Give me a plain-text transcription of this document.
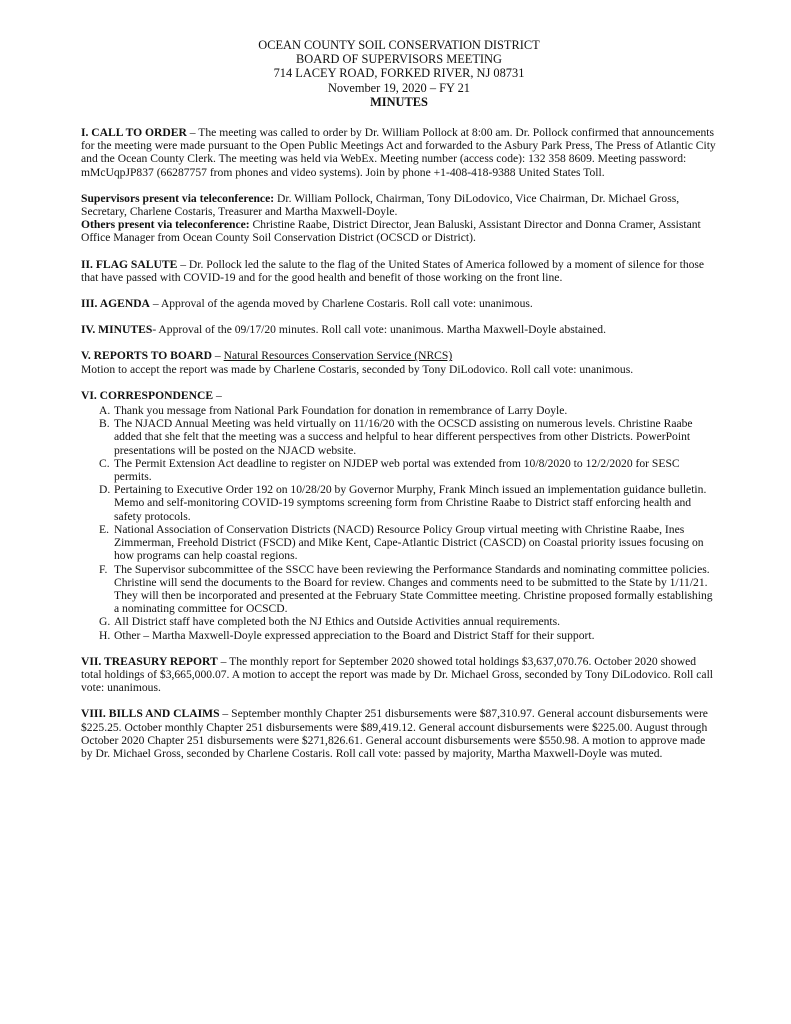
OCEAN COUNTY SOIL CONSERVATION DISTRICT
BOARD OF SUPERVISORS MEETING
714 LACEY ROAD, FORKED RIVER, NJ 08731
November 19, 2020 – FY 21
MINUTES

I. CALL TO ORDER – The meeting was called to order by Dr. William Pollock at 8:00 am. Dr. Pollock confirmed that announcements for the meeting were made pursuant to the Open Public Meetings Act and forwarded to the Asbury Park Press, The Press of Atlantic City and the Ocean County Clerk. The meeting was held via WebEx. Meeting number (access code): 132 358 8609. Meeting password: mMcUqpJP837 (66287757 from phones and video systems). Join by phone +1-408-418-9388 United States Toll.

Supervisors present via teleconference: Dr. William Pollock, Chairman, Tony DiLodovico, Vice Chairman, Dr. Michael Gross, Secretary, Charlene Costaris, Treasurer and Martha Maxwell-Doyle.

Others present via teleconference: Christine Raabe, District Director, Jean Baluski, Assistant Director and Donna Cramer, Assistant Office Manager from Ocean County Soil Conservation District (OCSCD or District).

II. FLAG SALUTE – Dr. Pollock led the salute to the flag of the United States of America followed by a moment of silence for those that have passed with COVID-19 and for the good health and benefit of those working on the front line.

III. AGENDA – Approval of the agenda moved by Charlene Costaris. Roll call vote: unanimous.

IV. MINUTES- Approval of the 09/17/20 minutes. Roll call vote: unanimous. Martha Maxwell-Doyle abstained.

V. REPORTS TO BOARD – Natural Resources Conservation Service (NRCS)

Motion to accept the report was made by Charlene Costaris, seconded by Tony DiLodovico. Roll call vote: unanimous.

VI. CORRESPONDENCE –

A. Thank you message from National Park Foundation for donation in remembrance of Larry Doyle.
B. The NJACD Annual Meeting was held virtually on 11/16/20 with the OCSCD assisting on numerous levels. Christine Raabe added that she felt that the meeting was a success and helpful to hear different perspectives from other Districts. PowerPoint presentations will be posted on the NJACD website.
C. The Permit Extension Act deadline to register on NJDEP web portal was extended from 10/8/2020 to 12/2/2020 for SESC permits.
D. Pertaining to Executive Order 192 on 10/28/20 by Governor Murphy, Frank Minch issued an implementation guidance bulletin. Memo and self-monitoring COVID-19 symptoms screening form from Christine Raabe to District staff enforcing health and safety protocols.
E. National Association of Conservation Districts (NACD) Resource Policy Group virtual meeting with Christine Raabe, Ines Zimmerman, Freehold District (FSCD) and Mike Kent, Cape-Atlantic District (CASCD) on Coastal priority issues focusing on how programs can help coastal regions.
F. The Supervisor subcommittee of the SSCC have been reviewing the Performance Standards and nominating committee policies. Christine will send the documents to the Board for review. Changes and comments need to be submitted to the State by 1/11/21. They will then be incorporated and presented at the February State Committee meeting. Christine proposed formally establishing a nominating committee for OCSCD.
G. All District staff have completed both the NJ Ethics and Outside Activities annual requirements.
H. Other – Martha Maxwell-Doyle expressed appreciation to the Board and District Staff for their support.

VII. TREASURY REPORT – The monthly report for September 2020 showed total holdings $3,637,070.76. October 2020 showed total holdings of $3,665,000.07. A motion to accept the report was made by Dr. Michael Gross, seconded by Tony DiLodovico. Roll call vote: unanimous.

VIII. BILLS AND CLAIMS – September monthly Chapter 251 disbursements were $87,310.97. General account disbursements were $225.25. October monthly Chapter 251 disbursements were $89,419.12. General account disbursements were $225.00. August through October 2020 Chapter 251 disbursements were $271,826.61. General account disbursements were $550.98. A motion to approve made by Dr. Michael Gross, seconded by Charlene Costaris. Roll call vote: passed by majority, Martha Maxwell-Doyle was muted.
